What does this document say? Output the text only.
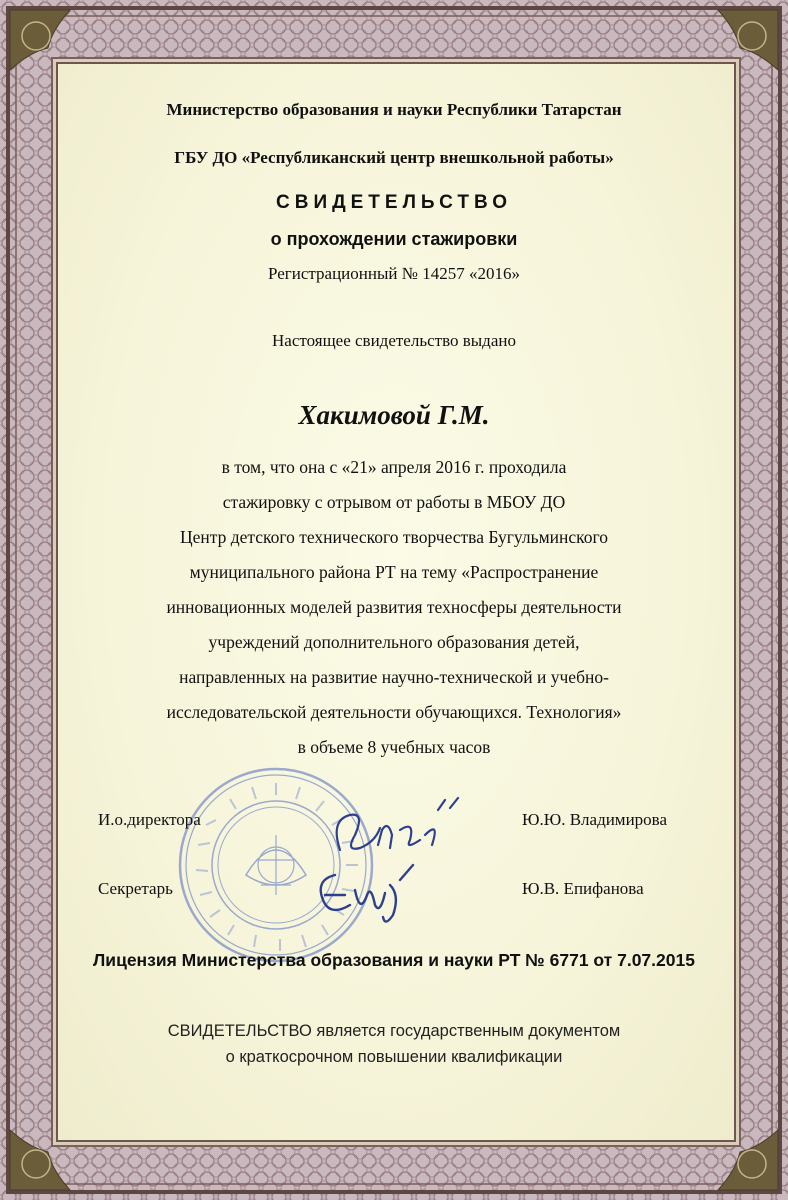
Министерство образования и науки Республики Татарстан
ГБУ ДО «Республиканский центр внешкольной работы»
СВИДЕТЕЛЬСТВО
о прохождении стажировки
Регистрационный № 14257 «2016»
Настоящее свидетельство выдано
Хакимовой Г.М.
в том, что она с «21» апреля 2016 г. проходила
стажировку с отрывом от работы в МБОУ ДО
Центр детского технического творчества Бугульминского
муниципального района РТ на тему «Распространение
инновационных моделей развития техносферы деятельности
учреждений дополнительного образования детей,
направленных на развитие научно-технической и учебно-
исследовательской деятельности обучающихся. Технология»
в объеме 8 учебных часов
И.о.директора	Ю.Ю. Владимирова
Секретарь	Ю.В. Епифанова
Лицензия Министерства образования и науки РТ № 6771 от 7.07.2015
СВИДЕТЕЛЬСТВО является государственным документом
о краткосрочном повышении квалификации
